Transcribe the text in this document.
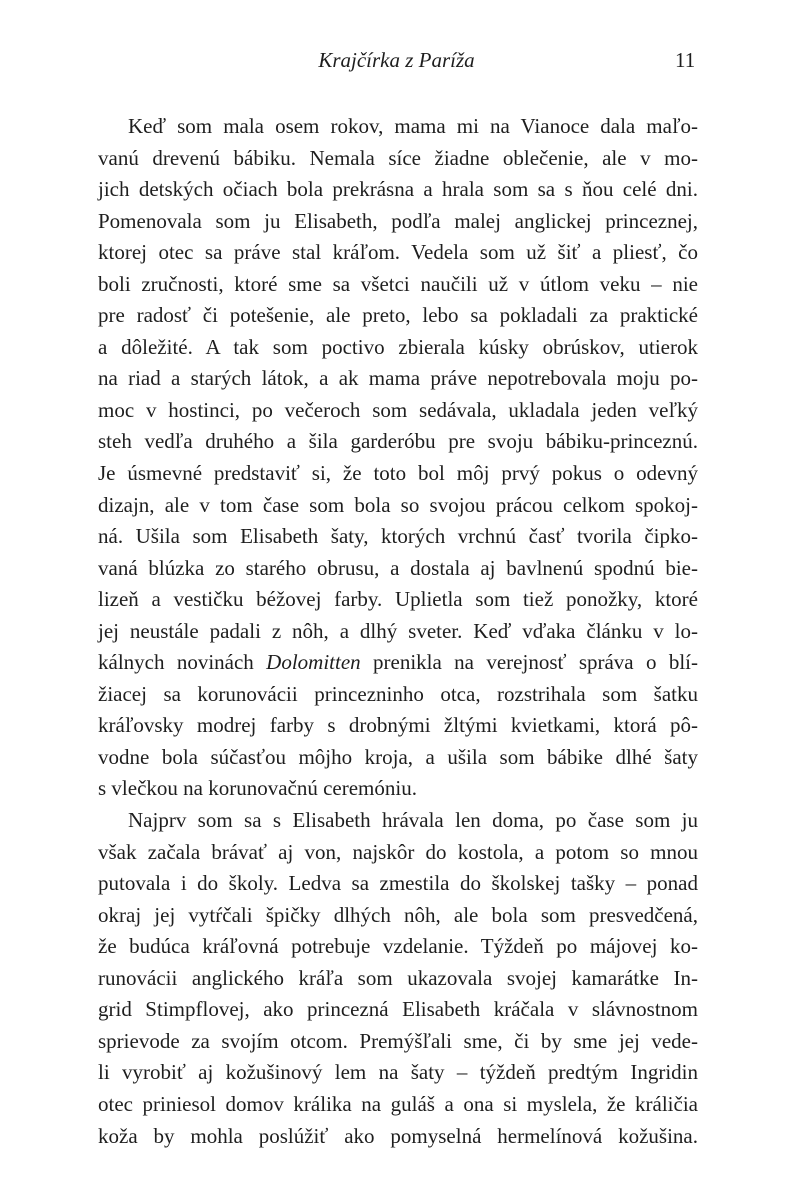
Krajčírka z Paríža	11
Keď som mala osem rokov, mama mi na Vianoce dala maľo-
vanú drevenú bábiku. Nemala síce žiadne oblečenie, ale v mo-
jich detských očiach bola prekrásna a hrala som sa s ňou celé dni.
Pomenovala som ju Elisabeth, podľa malej anglickej princeznej,
ktorej otec sa práve stal kráľom. Vedela som už šiť a pliesť, čo
boli zručnosti, ktoré sme sa všetci naučili už v útlom veku – nie
pre radosť či potešenie, ale preto, lebo sa pokladali za praktické
a dôležité. A tak som poctivo zbierala kúsky obrúskov, utierok
na riad a starých látok, a ak mama práve nepotrebovala moju po-
moc v hostinci, po večeroch som sedávala, ukladala jeden veľký
steh vedľa druhého a šila garderóbu pre svoju bábiku-princeznú.
Je úsmevné predstaviť si, že toto bol môj prvý pokus o odevný
dizajn, ale v tom čase som bola so svojou prácou celkom spokoj-
ná. Ušila som Elisabeth šaty, ktorých vrchnú časť tvorila čipko-
vaná blúzka zo starého obrusu, a dostala aj bavlnenú spodnú bie-
lizeň a vestičku béžovej farby. Uplietla som tiež ponožky, ktoré
jej neustále padali z nôh, a dlhý sveter. Keď vďaka článku v lo-
kálnych novinách Dolomitten prenikla na verejnosť správa o blí-
žiacej sa korunovácii princezninho otca, rozstrihala som šatku
kráľovsky modrej farby s drobnými žltými kvietkami, ktorá pô-
vodne bola súčasťou môjho kroja, a ušila som bábike dlhé šaty
s vlečkou na korunovačnú ceremóniu.
Najprv som sa s Elisabeth hrávala len doma, po čase som ju
však začala brávať aj von, najskôr do kostola, a potom so mnou
putovala i do školy. Ledva sa zmestila do školskej tašky – ponad
okraj jej vytŕčali špičky dlhých nôh, ale bola som presvedčená,
že budúca kráľovná potrebuje vzdelanie. Týždeň po májovej ko-
runovácii anglického kráľa som ukazovala svojej kamarátke In-
grid Stimpflovej, ako princezná Elisabeth kráčala v slávnostnom
sprievode za svojím otcom. Premýšľali sme, či by sme jej vede-
li vyrobiť aj kožušinový lem na šaty – týždeň predtým Ingridin
otec priniesol domov králika na guláš a ona si myslela, že králičia
koža by mohla poslúžiť ako pomyselná hermelínová kožušina.
